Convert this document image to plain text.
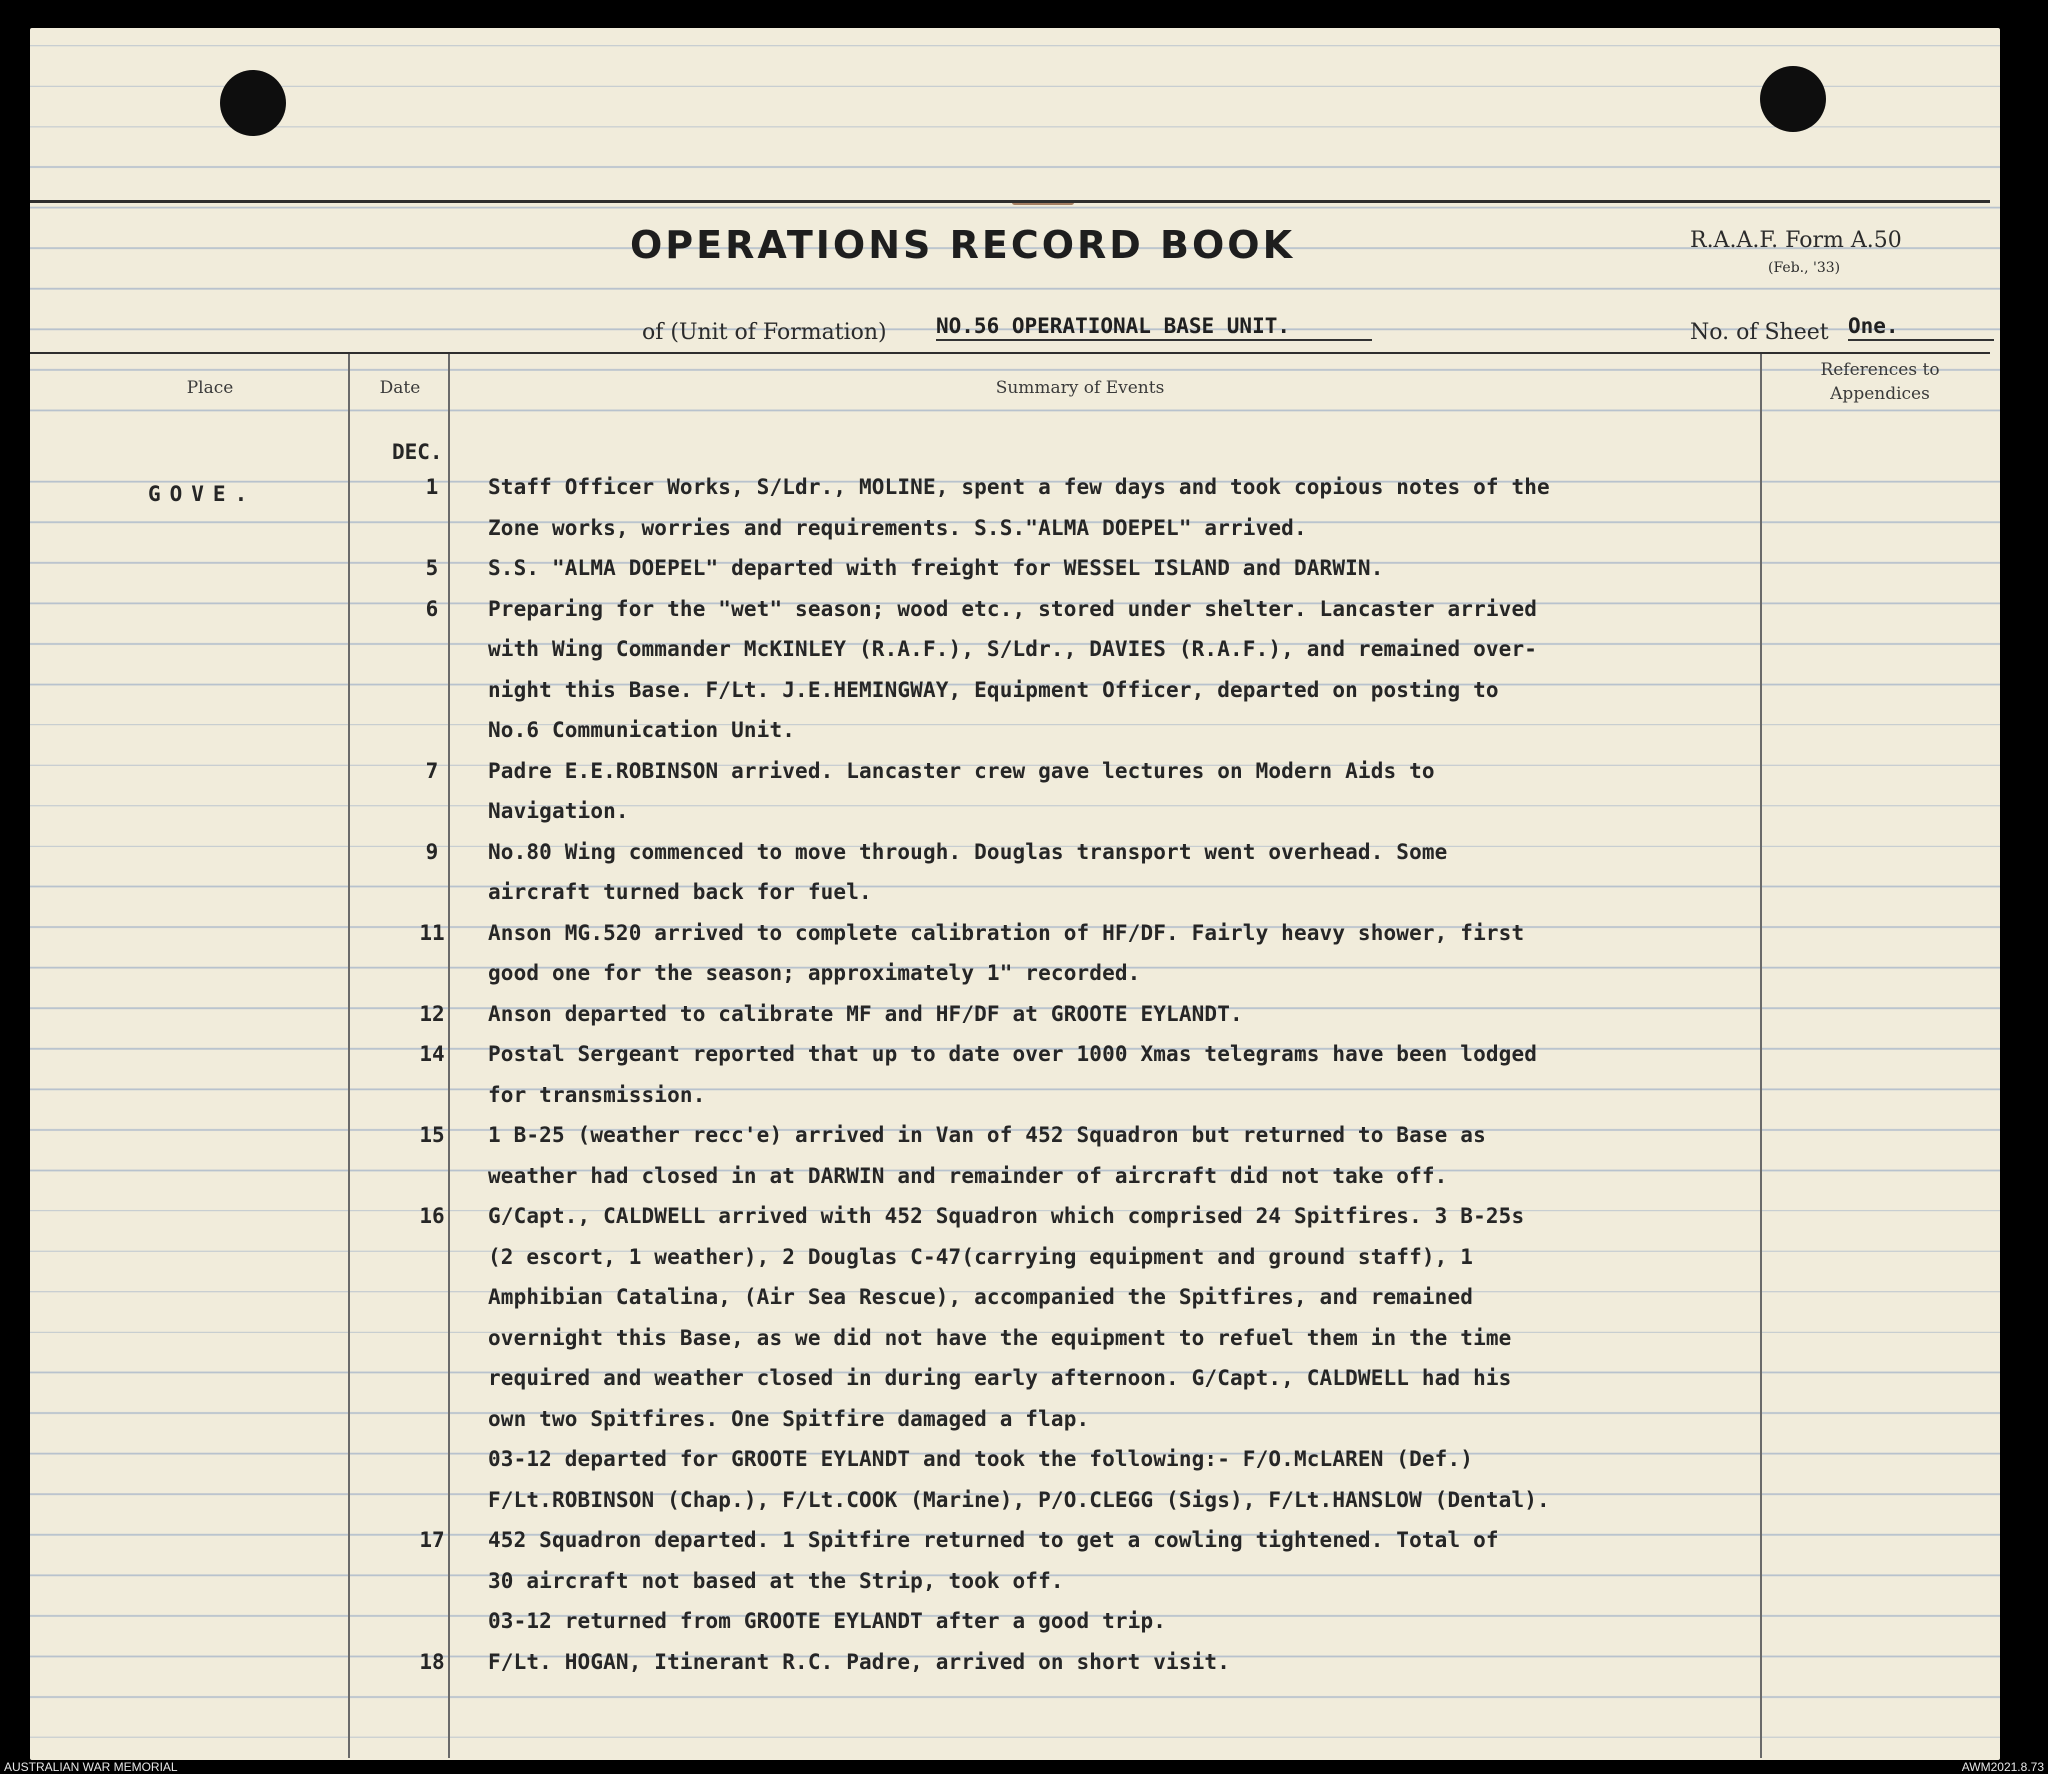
OPERATIONS RECORD BOOK	R.A.A.F. Form A.50
(Feb., '33)
of (Unit of Formation) NO.56 OPERATIONAL BASE UNIT.	No. of Sheet One.
Place	Date	Summary of Events
References to
Appendices
DEC.
GOVE.	1	Staff Officer Works, S/Ldr., MOLINE, spent a few days and took copious notes of the
Zone works, worries and requirements. S.S."ALMA DOEPEL" arrived.
5	S.S. "ALMA DOEPEL" departed with freight for WESSEL ISLAND and DARWIN.
6	Preparing for the "wet" season; wood etc., stored under shelter. Lancaster arrived
with Wing Commander McKINLEY (R.A.F.), S/Ldr., DAVIES (R.A.F.), and remained over-
night this Base. F/Lt. J.E.HEMINGWAY, Equipment Officer, departed on posting to
No.6 Communication Unit.
7	Padre E.E.ROBINSON arrived. Lancaster crew gave lectures on Modern Aids to
Navigation.
9	No.80 Wing commenced to move through. Douglas transport went overhead. Some
aircraft turned back for fuel.
11	Anson MG.520 arrived to complete calibration of HF/DF. Fairly heavy shower, first
good one for the season; approximately 1" recorded.
12	Anson departed to calibrate MF and HF/DF at GROOTE EYLANDT.
14	Postal Sergeant reported that up to date over 1000 Xmas telegrams have been lodged
for transmission.
15	1 B-25 (weather recc'e) arrived in Van of 452 Squadron but returned to Base as
weather had closed in at DARWIN and remainder of aircraft did not take off.
16	G/Capt., CALDWELL arrived with 452 Squadron which comprised 24 Spitfires. 3 B-25s
(2 escort, 1 weather), 2 Douglas C-47(carrying equipment and ground staff), 1
Amphibian Catalina, (Air Sea Rescue), accompanied the Spitfires, and remained
overnight this Base, as we did not have the equipment to refuel them in the time
required and weather closed in during early afternoon. G/Capt., CALDWELL had his
own two Spitfires. One Spitfire damaged a flap.
03-12 departed for GROOTE EYLANDT and took the following:- F/O.McLAREN (Def.)
F/Lt.ROBINSON (Chap.), F/Lt.COOK (Marine), P/O.CLEGG (Sigs), F/Lt.HANSLOW (Dental).
17	452 Squadron departed. 1 Spitfire returned to get a cowling tightened. Total of
30 aircraft not based at the Strip, took off.
03-12 returned from GROOTE EYLANDT after a good trip.
18	F/Lt. HOGAN, Itinerant R.C. Padre, arrived on short visit.
AUSTRALIAN WAR MEMORIAL	AWM2021.8.73
